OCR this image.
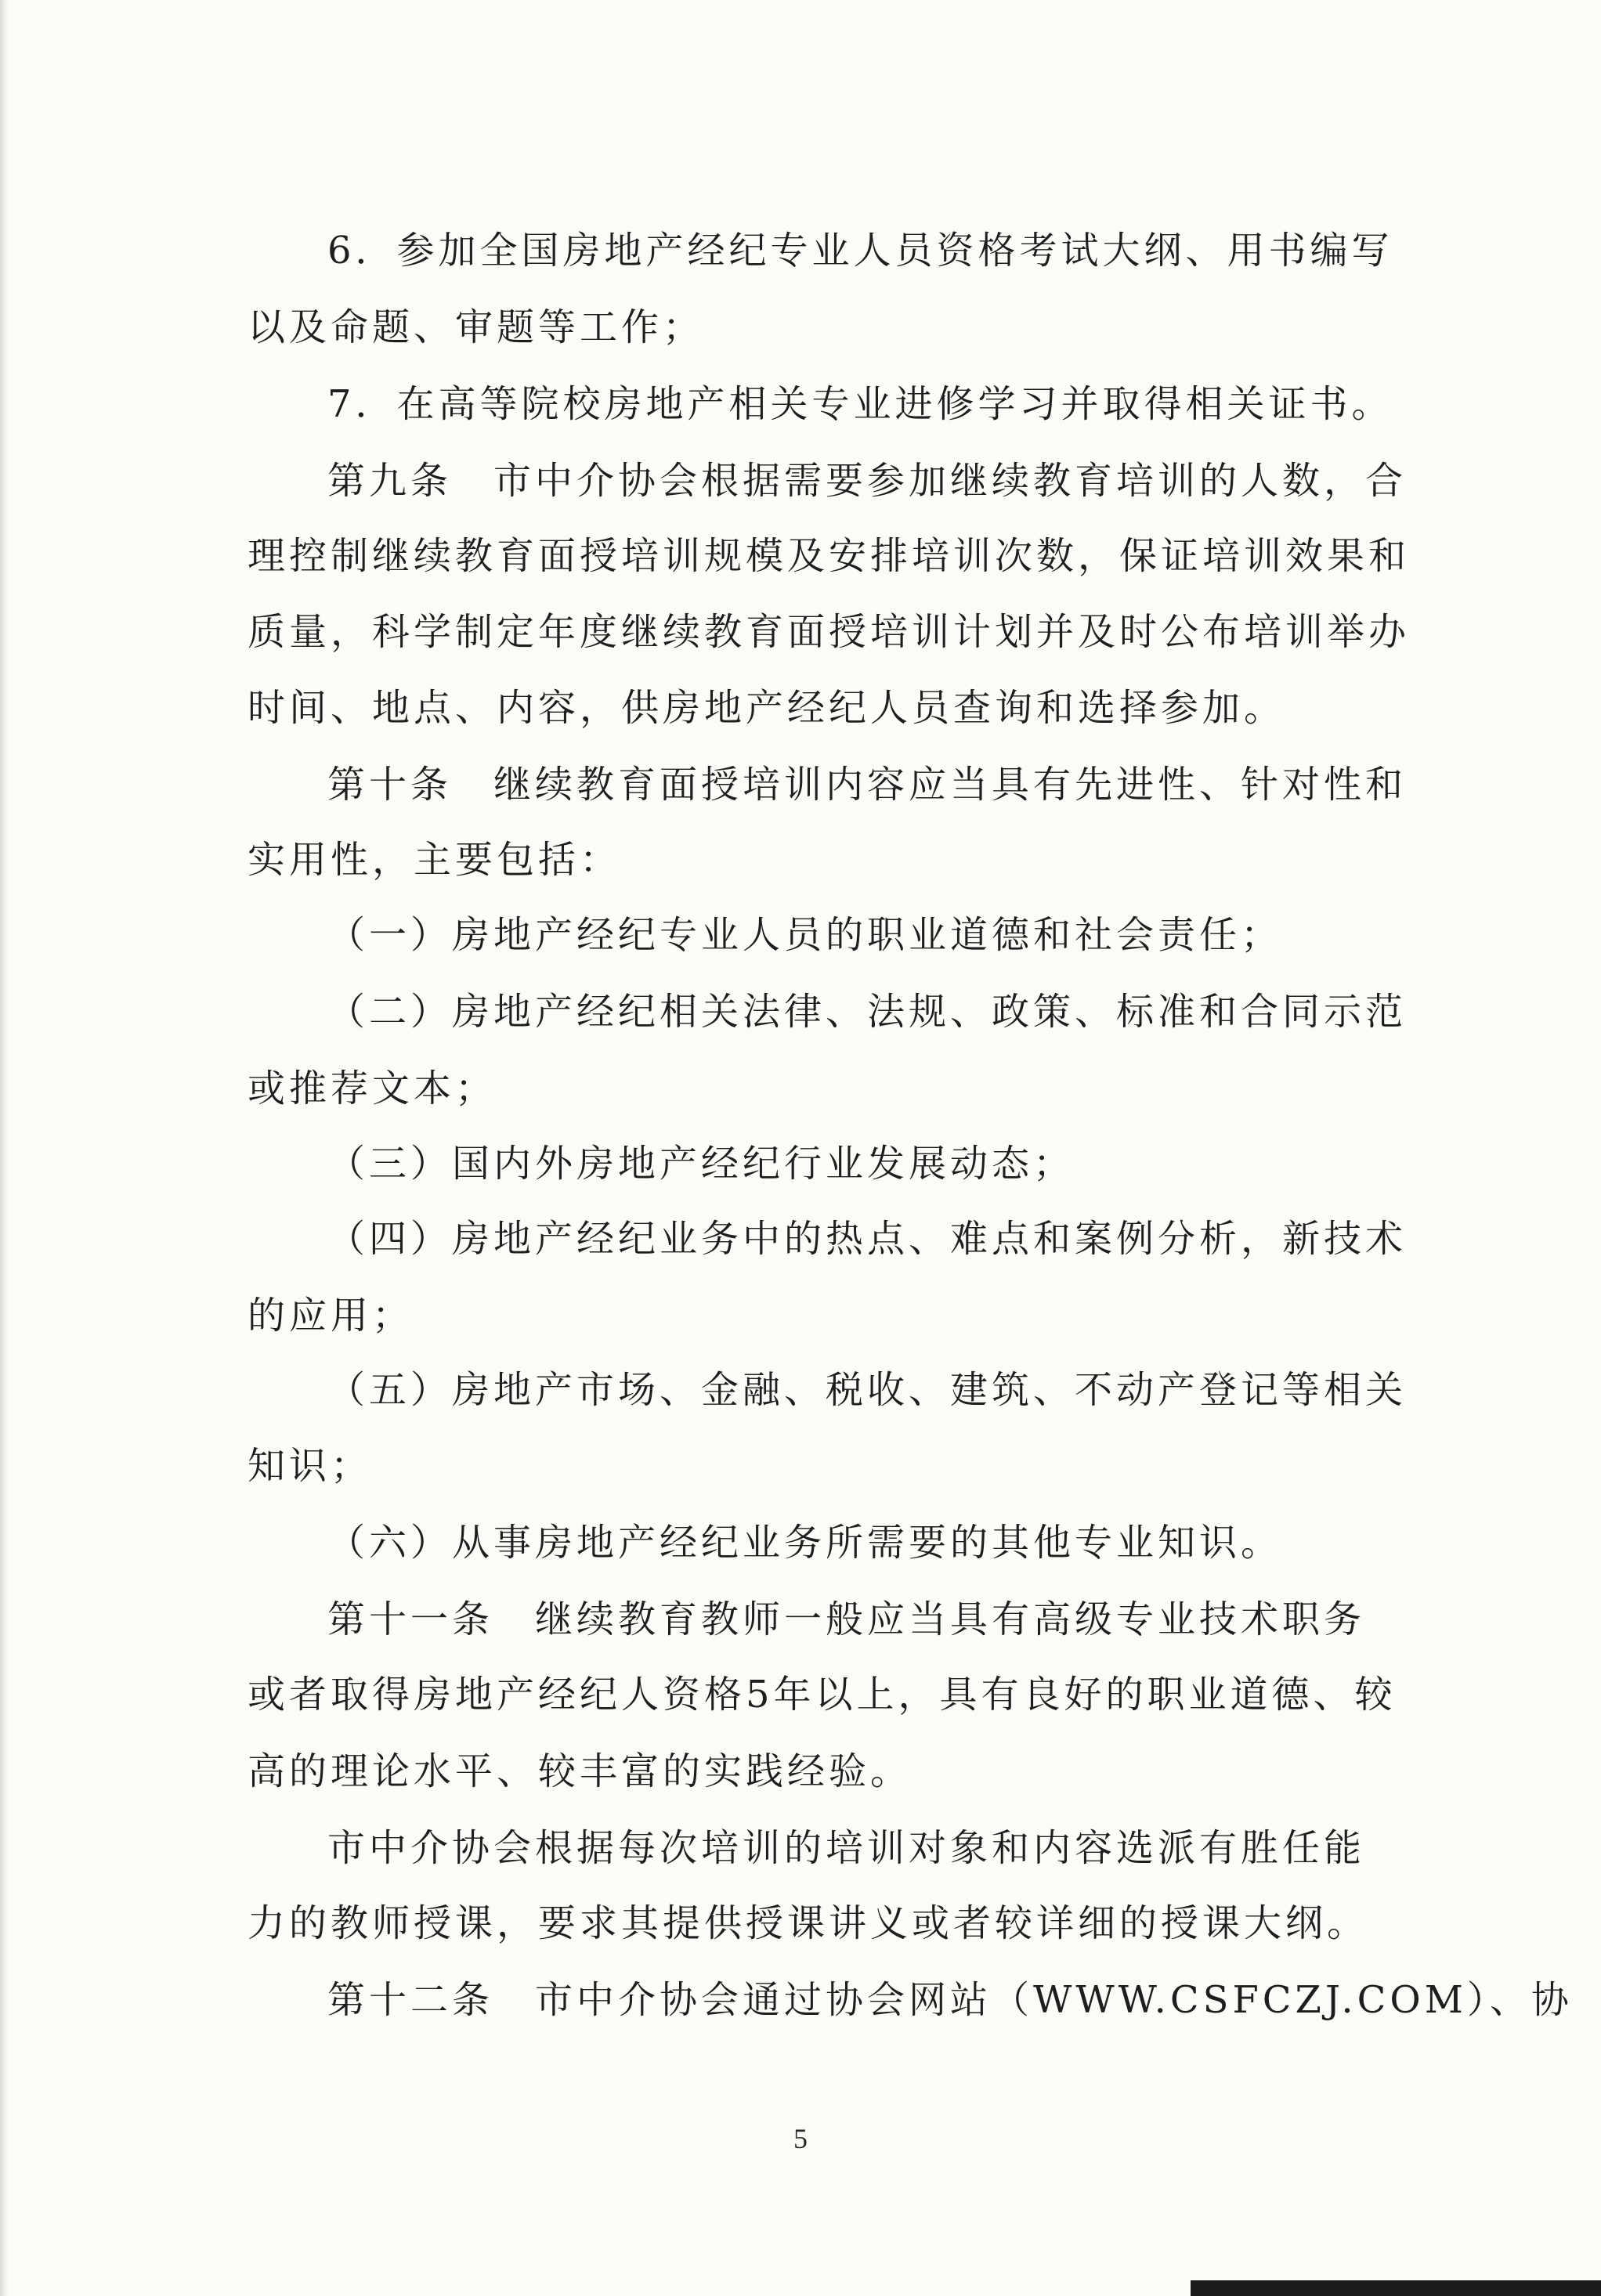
6．参加全国房地产经纪专业人员资格考试大纲、用书编写
以及命题、审题等工作；
7．在高等院校房地产相关专业进修学习并取得相关证书。
第九条　市中介协会根据需要参加继续教育培训的人数，合
理控制继续教育面授培训规模及安排培训次数，保证培训效果和
质量，科学制定年度继续教育面授培训计划并及时公布培训举办
时间、地点、内容，供房地产经纪人员查询和选择参加。
第十条　继续教育面授培训内容应当具有先进性、针对性和
实用性，主要包括：
（一）房地产经纪专业人员的职业道德和社会责任；
（二）房地产经纪相关法律、法规、政策、标准和合同示范
或推荐文本；
（三）国内外房地产经纪行业发展动态；
（四）房地产经纪业务中的热点、难点和案例分析，新技术
的应用；
（五）房地产市场、金融、税收、建筑、不动产登记等相关
知识；
（六）从事房地产经纪业务所需要的其他专业知识。
第十一条　继续教育教师一般应当具有高级专业技术职务
或者取得房地产经纪人资格5年以上，具有良好的职业道德、较
高的理论水平、较丰富的实践经验。
市中介协会根据每次培训的培训对象和内容选派有胜任能
力的教师授课，要求其提供授课讲义或者较详细的授课大纲。
第十二条　市中介协会通过协会网站（WWW.CSFCZJ.COM）、协
5
